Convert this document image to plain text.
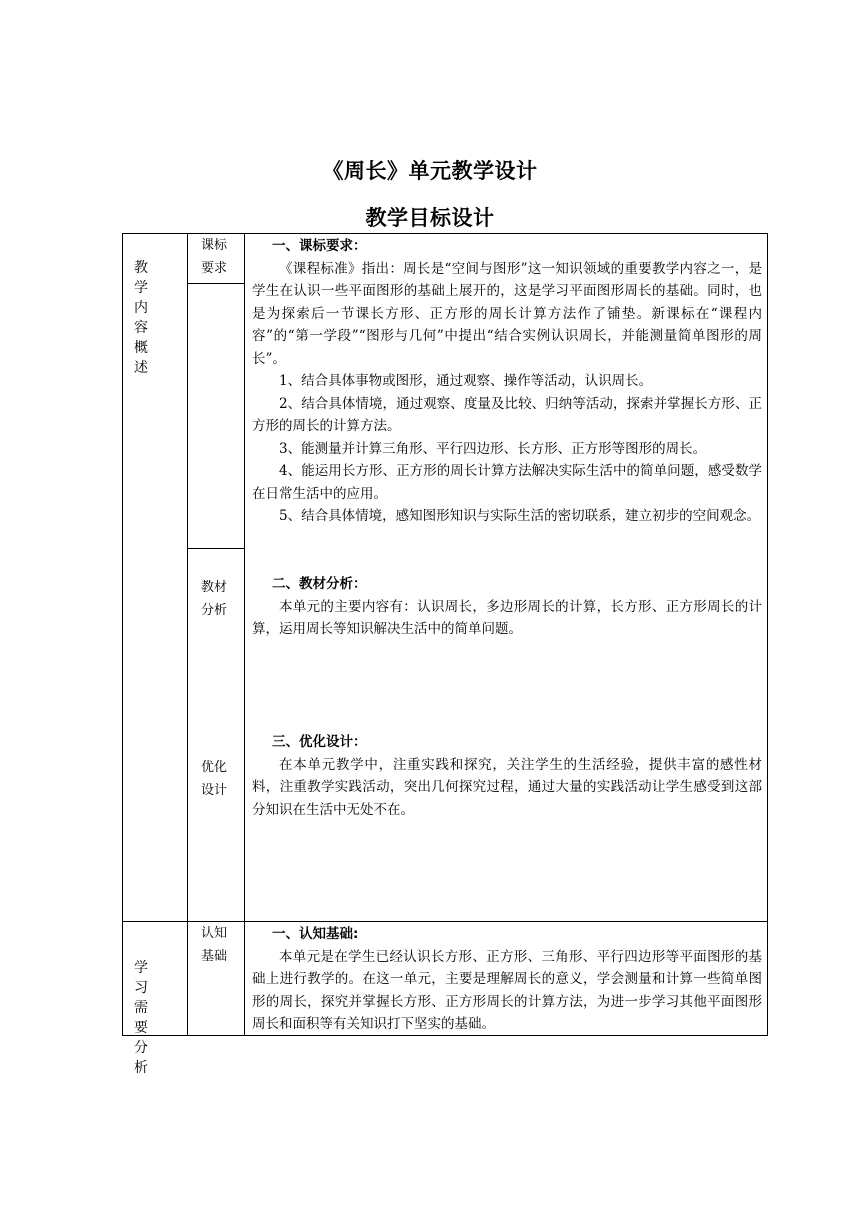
《周长》单元教学设计
教学目标设计
教 学
内 容
概 述
课标
要求
教材
分析
优化
设计

一、课标要求：

《课程标准》指出：周长是“空间与图形”这一知识领域的重要教学内容之一，是学生在认识一些平面图形的基础上展开的，这是学习平面图形周长的基础。同时，也是为探索后一节课长方形、正方形的周长计算方法作了铺垫。新课标在“课程内容”的“第一学段”“图形与几何”中提出“结合实例认识周长，并能测量简单图形的周长”。

1、结合具体事物或图形，通过观察、操作等活动，认识周长。

2、结合具体情境，通过观察、度量及比较、归纳等活动，探索并掌握长方形、正方形的周长的计算方法。

3、能测量并计算三角形、平行四边形、长方形、正方形等图形的周长。

4、能运用长方形、正方形的周长计算方法解决实际生活中的简单问题，感受数学在日常生活中的应用。

5、结合具体情境，感知图形知识与实际生活的密切联系，建立初步的空间观念。

二、教材分析：

本单元的主要内容有：认识周长，多边形周长的计算，长方形、正方形周长的计算，运用周长等知识解决生活中的简单问题。

三、优化设计：

在本单元教学中，注重实践和探究，关注学生的生活经验，提供丰富的感性材料，注重教学实践活动，突出几何探究过程，通过大量的实践活动让学生感受到这部分知识在生活中无处不在。

学 习
需 要
分 析
认知
基础

一、认知基础:

本单元是在学生已经认识长方形、正方形、三角形、平行四边形等平面图形的基础上进行教学的。在这一单元，主要是理解周长的意义，学会测量和计算一些简单图形的周长，探究并掌握长方形、正方形周长的计算方法，为进一步学习其他平面图形周长和面积等有关知识打下坚实的基础。
